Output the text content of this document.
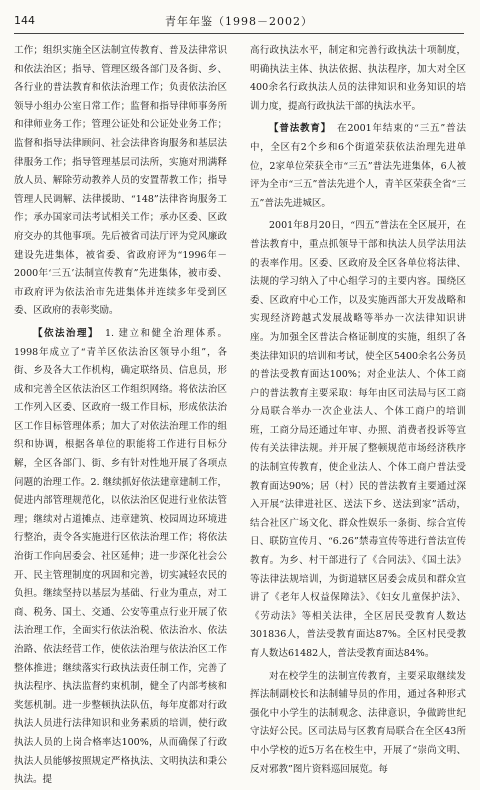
144	青年年鉴（1998－2002）

工作；组织实施全区法制宣传教育、普及法律常识和依法治区；指导、管理区级各部门及各街、乡、各行业的普法教育和依法治理工作；负责依法治区领导小组办公室日常工作；监督和指导律师事务所和律师业务工作；管理公证处和公证处业务工作；监督和指导法律顾问、社会法律咨询服务和基层法律服务工作；指导管理基层司法所，实施对刑满释放人员、解除劳动教养人员的安置帮教工作；指导管理人民调解、法律援助、“148”法律咨询服务工作；承办国家司法考试相关工作；承办区委、区政府交办的其他事项。先后被省司法厅评为党风廉政建设先进集体，被省委、省政府评为“1996年－2000年‘三五’法制宣传教育”先进集体，被市委、市政府评为依法治市先进集体并连续多年受到区委、区政府的表彰奖励。

【依法治理】 1. 建立和健全治理体系。1998年成立了“青羊区依法治区领导小组”，各街、乡及各大工作机构，确定联络员、信息员，形成和完善全区依法治区工作组织网络。将依法治区工作列入区委、区政府一级工作目标，形成依法治区工作目标管理体系；加大了对依法治理工作的组织和协调，根据各单位的职能将工作进行目标分解，全区各部门、街、乡有针对性地开展了各项点问题的治理工作。2. 继续抓好依法建章建制工作，促进内部管理规范化，以依法治区促进行业依法管理；继续对占道摊点、违章建筑、校园周边环境进行整治，责令各实施进行区依法治理工作；将依法治街工作向居委会、社区延伸；进一步深化社会公开、民主管理制度的巩固和完善，切实减轻农民的负担。继续坚持以基层为基础、行业为重点，对工商、税务、国土、交通、公安等重点行业开展了依法治理工作，全面实行依法治税、依法治水、依法治路、依法经营工作，使依法治理与依法治区工作整体推进；继续落实行政执法责任制工作，完善了执法程序、执法监督约束机制，健全了内部考核和奖惩机制。进一步整顿执法队伍，每年度都对行政执法人员进行法律知识和业务素质的培训，使行政执法人员的上岗合格率达100%，从而确保了行政执法人员能够按照规定严格执法、文明执法和秉公执法。提

高行政执法水平，制定和完善行政执法十项制度，明确执法主体、执法依据、执法程序，加大对全区400余名行政执法人员的法律知识和业务知识的培训力度，提高行政执法干部的执法水平。

【普法教育】 在2001年结束的“三五”普法中，全区有2个乡和6个街道荣获依法治理先进单位，2家单位荣获全市“三五”普法先进集体，6人被评为全市“三五”普法先进个人，青羊区荣获全省“三五”普法先进城区。

2001年8月20日，“四五”普法在全区展开，在普法教育中，重点抓领导干部和执法人员学法用法的表率作用。区委、区政府及全区各单位将法律、法规的学习纳入了中心组学习的主要内容。围绕区委、区政府中心工作，以及实施西部大开发战略和实现经济跨越式发展战略等举办一次法律知识讲座。为加强全区普法合格证制度的实施，组织了各类法律知识的培训和考试，使全区5400余名公务员的普法受教育面达100%；对企业法人、个体工商户的普法教育主要采取：每年由区司法局与区工商分局联合举办一次企业法人、个体工商户的培训班，工商分局还通过年审、办照、消费者投诉等宣传有关法律法规。并开展了整顿规范市场经济秩序的法制宣传教育，使企业法人、个体工商户普法受教育面达90%；居（村）民的普法教育主要通过深入开展“法律进社区、送法下乡、送法到家”活动，结合社区广场文化、群众性娱乐一条街、综合宣传日、联防宣传月、“6.26”禁毒宣传等进行普法宣传教育。为乡、村干部进行了《合同法》、《国土法》等法律法规培训，为街道辖区居委会成员和群众宣讲了《老年人权益保障法》、《妇女儿童保护法》、《劳动法》等相关法律，全区居民受教育人数达301836人，普法受教育面达87%。全区村民受教育人数达61482人，普法受教育面达84%。

对在校学生的法制宣传教育，主要采取继续发挥法制副校长和法制辅导员的作用，通过各种形式强化中小学生的法制观念、法律意识，争做跨世纪守法好公民。区司法局与区教育局联合在全区43所中小学校的近5万名在校生中，开展了“崇尚文明、反对邪教”图片资料巡回展览。每
